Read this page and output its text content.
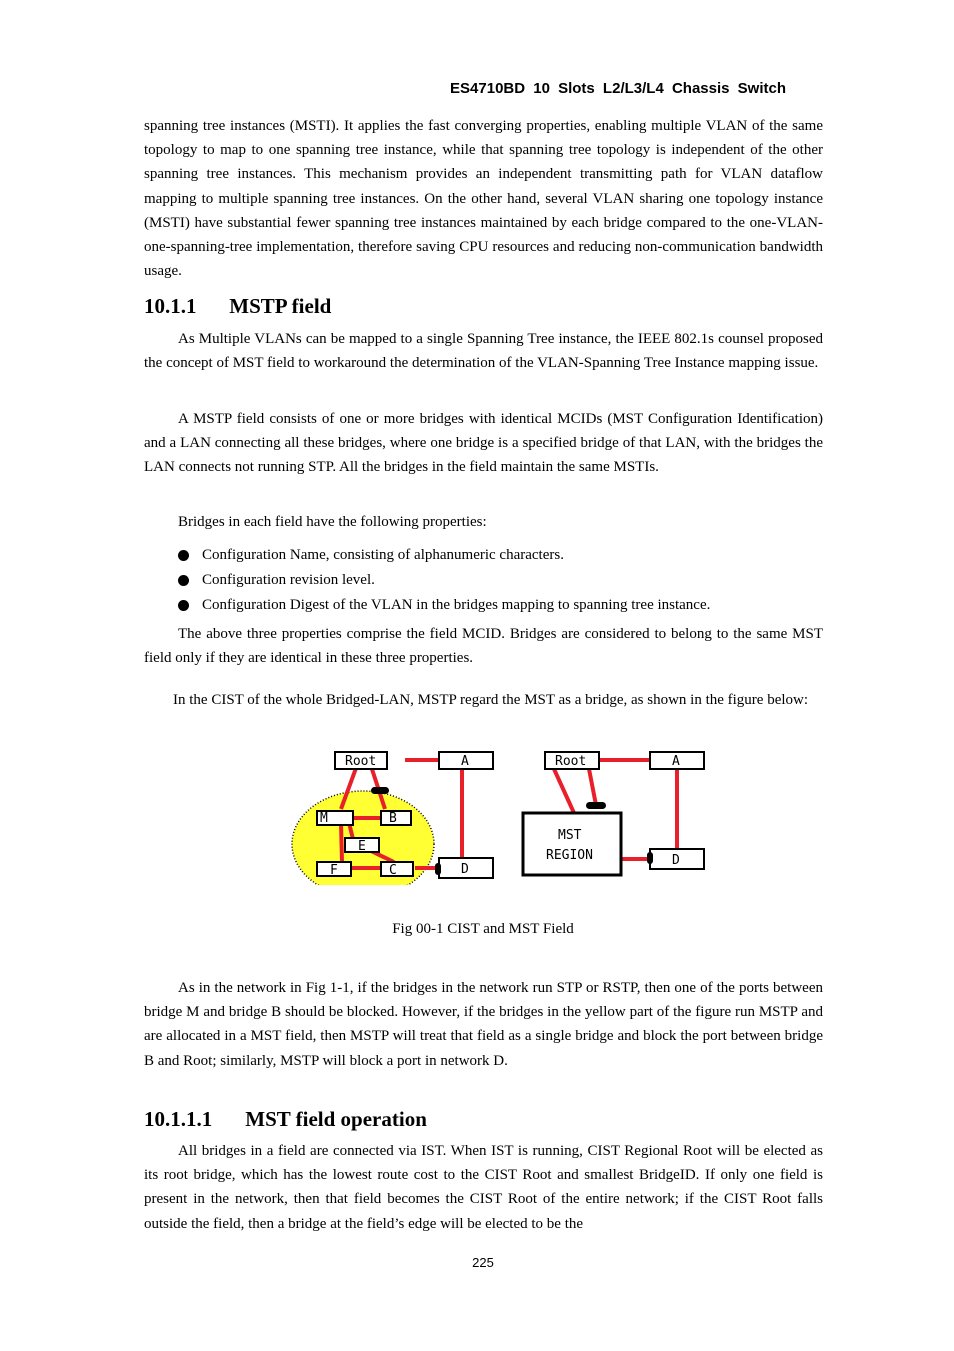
ES4710BD 10 Slots L2/L3/L4 Chassis Switch

spanning tree instances (MSTI). It applies the fast converging properties, enabling multiple VLAN of the same topology to map to one spanning tree instance, while that spanning tree topology is independent of the other spanning tree instances. This mechanism provides an independent transmitting path for VLAN dataflow mapping to multiple spanning tree instances. On the other hand, several VLAN sharing one topology instance (MSTI) have substantial fewer spanning tree instances maintained by each bridge compared to the one-VLAN-one-spanning-tree implementation, therefore saving CPU resources and reducing non-communication bandwidth usage.

10.1.1 MSTP field

As Multiple VLANs can be mapped to a single Spanning Tree instance, the IEEE 802.1s counsel proposed the concept of MST field to workaround the determination of the VLAN-Spanning Tree Instance mapping issue.

A MSTP field consists of one or more bridges with identical MCIDs (MST Configuration Identification) and a LAN connecting all these bridges, where one bridge is a specified bridge of that LAN, with the bridges the LAN connects not running STP. All the bridges in the field maintain the same MSTIs.

Bridges in each field have the following properties:

Configuration Name, consisting of alphanumeric characters.
Configuration revision level.
Configuration Digest of the VLAN in the bridges mapping to spanning tree instance.

The above three properties comprise the field MCID. Bridges are considered to belong to the same MST field only if they are identical in these three properties.

In the CIST of the whole Bridged-LAN, MSTP regard the MST as a bridge, as shown in the figure below:

Root	A
M	B
E
F	C	D
Root	A
MST
REGION	D
Fig 00-1 CIST and MST Field

As in the network in Fig 1-1, if the bridges in the network run STP or RSTP, then one of the ports between bridge M and bridge B should be blocked. However, if the bridges in the yellow part of the figure run MSTP and are allocated in a MST field, then MSTP will treat that field as a single bridge and block the port between bridge B and Root; similarly, MSTP will block a port in network D.

10.1.1.1 MST field operation

All bridges in a field are connected via IST. When IST is running, CIST Regional Root will be elected as its root bridge, which has the lowest route cost to the CIST Root and smallest BridgeID. If only one field is present in the network, then that field becomes the CIST Root of the entire network; if the CIST Root falls outside the field, then a bridge at the field’s edge will be elected to be the

225
